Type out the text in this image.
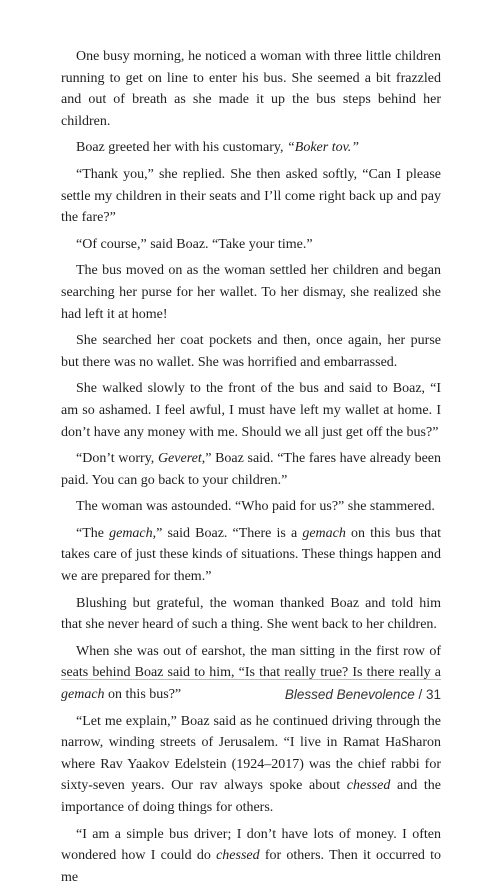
One busy morning, he noticed a woman with three little children running to get on line to enter his bus. She seemed a bit frazzled and out of breath as she made it up the bus steps behind her children.

Boaz greeted her with his customary, “Boker tov.”

“Thank you,” she replied. She then asked softly, “Can I please settle my children in their seats and I’ll come right back up and pay the fare?”

“Of course,” said Boaz. “Take your time.”

The bus moved on as the woman settled her children and began searching her purse for her wallet. To her dismay, she realized she had left it at home!

She searched her coat pockets and then, once again, her purse but there was no wallet. She was horrified and embarrassed.

She walked slowly to the front of the bus and said to Boaz, “I am so ashamed. I feel awful, I must have left my wallet at home. I don’t have any money with me. Should we all just get off the bus?”

“Don’t worry, Geveret,” Boaz said. “The fares have already been paid. You can go back to your children.”

The woman was astounded. “Who paid for us?” she stammered.

“The gemach,” said Boaz. “There is a gemach on this bus that takes care of just these kinds of situations. These things happen and we are prepared for them.”

Blushing but grateful, the woman thanked Boaz and told him that she never heard of such a thing. She went back to her children.

When she was out of earshot, the man sitting in the first row of seats behind Boaz said to him, “Is that really true? Is there really a gemach on this bus?”

“Let me explain,” Boaz said as he continued driving through the narrow, winding streets of Jerusalem. “I live in Ramat HaSharon where Rav Yaakov Edelstein (1924–2017) was the chief rabbi for sixty-seven years. Our rav always spoke about chessed and the importance of doing things for others.

“I am a simple bus driver; I don’t have lots of money. I often wondered how I could do chessed for others. Then it occurred to me

Blessed Benevolence / 31
